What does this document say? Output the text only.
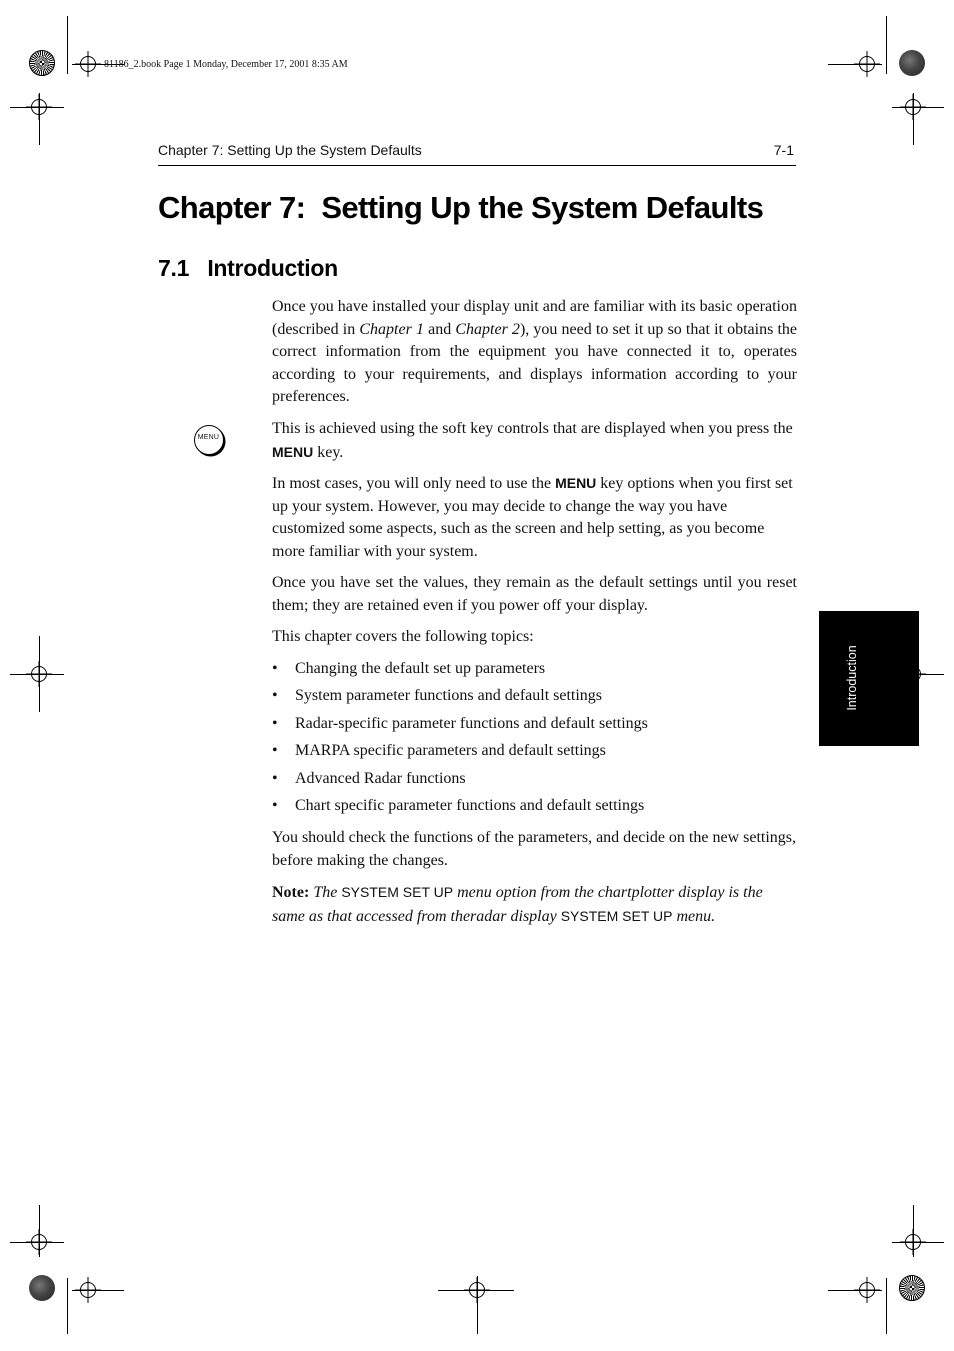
81186_2.book Page 1 Monday, December 17, 2001 8:35 AM
Chapter 7: Setting Up the System Defaults	7-1
Chapter 7:  Setting Up the System Defaults
7.1   Introduction

Once you have installed your display unit and are familiar with its basic operation (described in Chapter 1 and Chapter 2), you need to set it up so that it obtains the correct information from the equipment you have connected it to, operates according to your requirements, and displays information according to your preferences.

MENU

This is achieved using the soft key controls that are displayed when you press the MENU key.

In most cases, you will only need to use the MENU key options when you first set up your system. However, you may decide to change the way you have customized some aspects, such as the screen and help setting, as you become more familiar with your system.

Once you have set the values, they remain as the default settings until you reset them; they are retained even if you power off your display.

This chapter covers the following topics:

• Changing the default set up parameters
• System parameter functions and default settings
• Radar-specific parameter functions and default settings
• MARPA specific parameters and default settings
• Advanced Radar functions
• Chart specific parameter functions and default settings

You should check the functions of the parameters, and decide on the new settings, before making the changes.

Note: The SYSTEM SET UP menu option from the chartplotter display is the same as that accessed from theradar display SYSTEM SET UP menu.

Introduction
